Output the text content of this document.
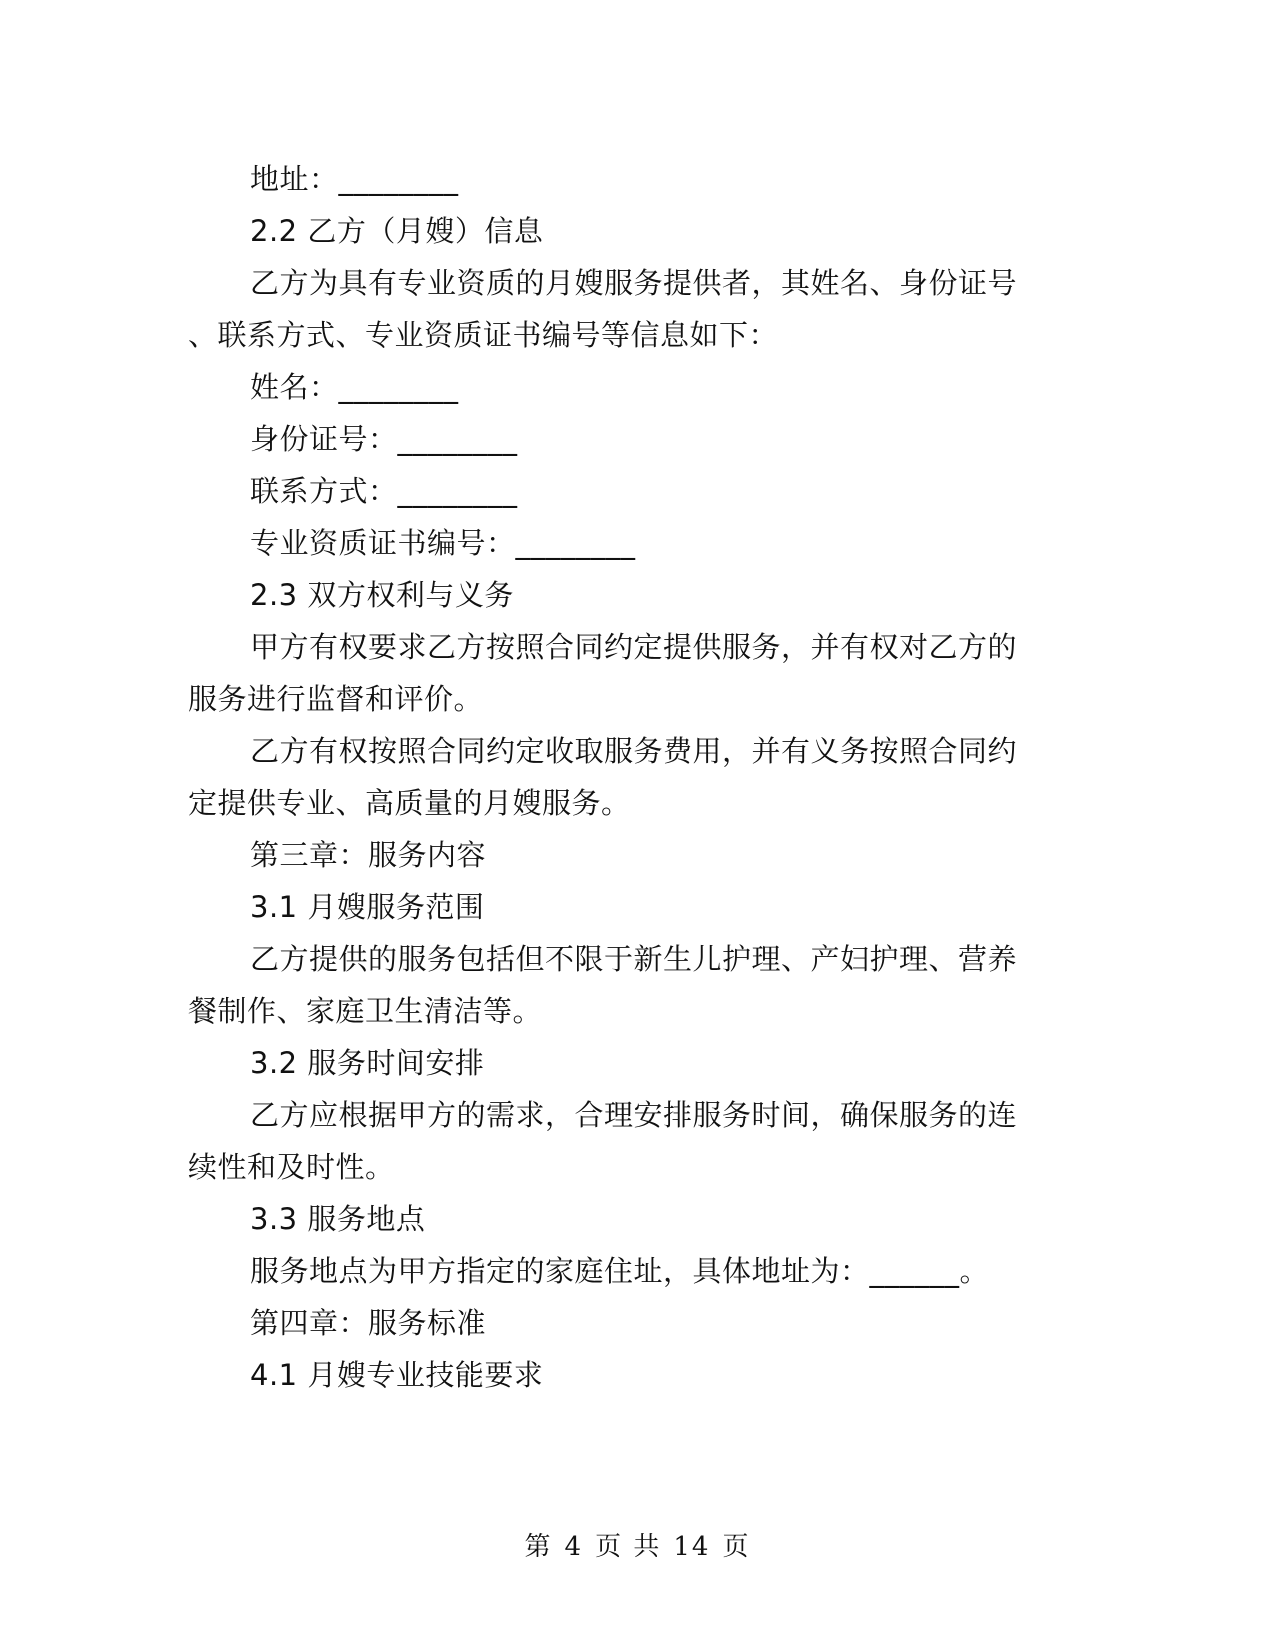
地址：________
2.2 乙方（月嫂）信息
乙方为具有专业资质的月嫂服务提供者，其姓名、身份证号
、联系方式、专业资质证书编号等信息如下：
姓名：________
身份证号：________
联系方式：________
专业资质证书编号：________
2.3 双方权利与义务
甲方有权要求乙方按照合同约定提供服务，并有权对乙方的
服务进行监督和评价。
乙方有权按照合同约定收取服务费用，并有义务按照合同约
定提供专业、高质量的月嫂服务。
第三章：服务内容
3.1 月嫂服务范围
乙方提供的服务包括但不限于新生儿护理、产妇护理、营养
餐制作、家庭卫生清洁等。
3.2 服务时间安排
乙方应根据甲方的需求，合理安排服务时间，确保服务的连
续性和及时性。
3.3 服务地点
服务地点为甲方指定的家庭住址，具体地址为：______。
第四章：服务标准
4.1 月嫂专业技能要求
第 4 页 共 14 页
